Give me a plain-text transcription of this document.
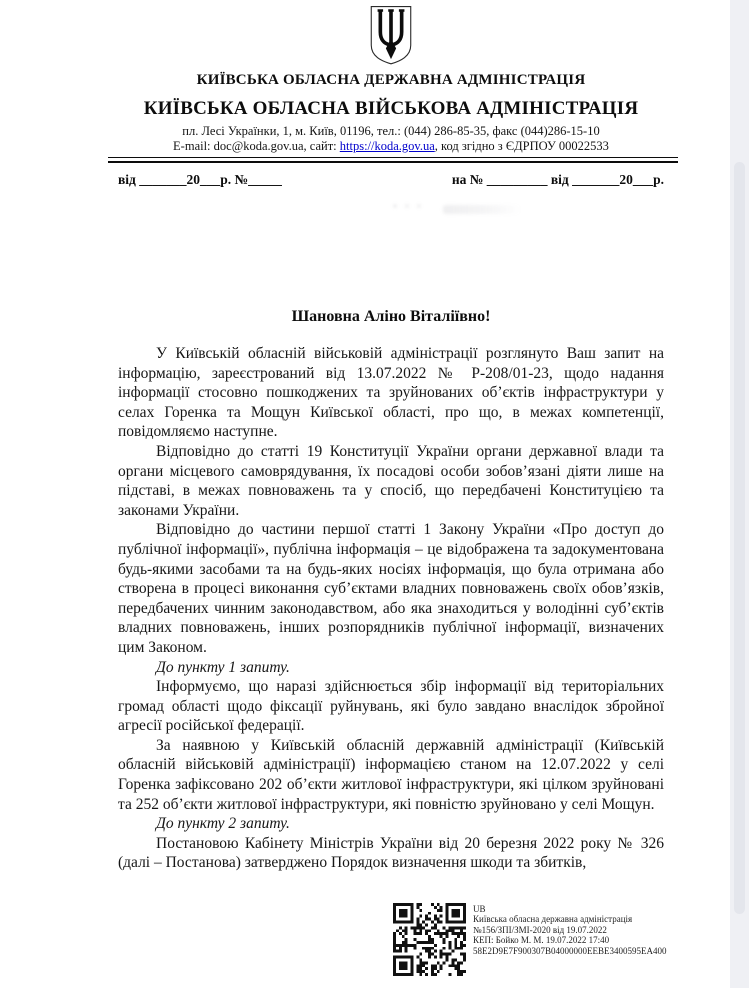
КИЇВСЬКА ОБЛАСНА ДЕРЖАВНА АДМІНІСТРАЦІЯ
КИЇВСЬКА ОБЛАСНА ВІЙСЬКОВА АДМІНІСТРАЦІЯ
пл. Лесі Українки, 1, м. Київ, 01196, тел.: (044) 286-85-35, факс (044)286-15-10
E-mail: doc@koda.gov.ua, сайт: https://koda.gov.ua, код згідно з ЄДРПОУ 00022533
від _______20___р. №_____	на № _________ від _______20___р.
Шановна Аліно Віталіївно!

У Київській обласній військовій адміністрації розглянуто Ваш запит на інформацію, зареєстрований від 13.07.2022 № Р-208/01-23, щодо надання інформації стосовно пошкоджених та зруйнованих об’єктів інфраструктури у селах Горенка та Мощун Київської області, про що, в межах компетенції, повідомляємо наступне.

Відповідно до статті 19 Конституції України органи державної влади та органи місцевого самоврядування, їх посадові особи зобов’язані діяти лише на підставі, в межах повноважень та у спосіб, що передбачені Конституцією та законами України.

Відповідно до частини першої статті 1 Закону України «Про доступ до публічної інформації», публічна інформація – це відображена та задокументована будь-якими засобами та на будь-яких носіях інформація, що була отримана або створена в процесі виконання суб’єктами владних повноважень своїх обов’язків, передбачених чинним законодавством, або яка знаходиться у володінні суб’єктів владних повноважень, інших розпорядників публічної інформації, визначених цим Законом.

До пункту 1 запиту.

Інформуємо, що наразі здійснюється збір інформації від територіальних громад області щодо фіксації руйнувань, які було завдано внаслідок збройної агресії російської федерації.

За наявною у Київській обласній державній адміністрації (Київській обласній військовій адміністрації) інформацією станом на 12.07.2022 у селі Горенка зафіксовано 202 об’єкти житлової інфраструктури, які цілком зруйновані та 252 об’єкти житлової інфраструктури, які повністю зруйновано у селі Мощун.

До пункту 2 запиту.

Постановою Кабінету Міністрів України від 20 березня 2022 року № 326 (далі – Постанова) затверджено Порядок визначення шкоди та збитків,

UB
Київська обласна державна адміністрація
№156/ЗПІ/ЗМІ-2020 від 19.07.2022
КЕП: Бойко М. М. 19.07.2022 17:40
58E2D9E7F900307B04000000EEBE3400595EA400
